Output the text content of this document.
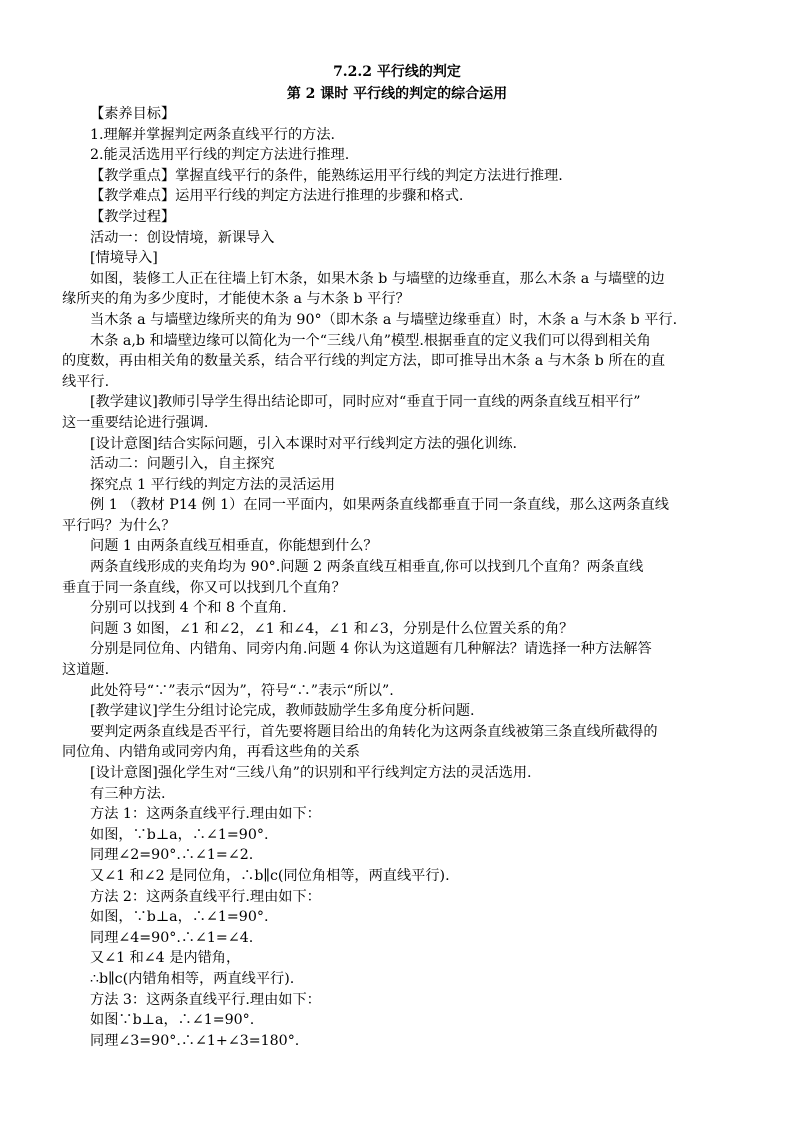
7.2.2 平行线的判定
第 2 课时 平行线的判定的综合运用
【素养目标】
1.理解并掌握判定两条直线平行的方法.
2.能灵活选用平行线的判定方法进行推理.
【教学重点】掌握直线平行的条件，能熟练运用平行线的判定方法进行推理.
【教学难点】运用平行线的判定方法进行推理的步骤和格式.
【教学过程】
活动一：创设情境，新课导入
[情境导入]
如图，装修工人正在往墙上钉木条，如果木条 b 与墙壁的边缘垂直，那么木条 a 与墙壁的边
缘所夹的角为多少度时，才能使木条 a 与木条 b 平行？
当木条 a 与墙壁边缘所夹的角为 90°（即木条 a 与墙壁边缘垂直）时，木条 a 与木条 b 平行.
木条 a,b 和墙壁边缘可以简化为一个“三线八角”模型.根据垂直的定义我们可以得到相关角
的度数，再由相关角的数量关系，结合平行线的判定方法，即可推导出木条 a 与木条 b 所在的直
线平行.
[教学建议]教师引导学生得出结论即可，同时应对“垂直于同一直线的两条直线互相平行”
这一重要结论进行强调.
[设计意图]结合实际问题，引入本课时对平行线判定方法的强化训练.
活动二：问题引入，自主探究
探究点 1 平行线的判定方法的灵活运用
例 1 （教材 P14 例 1）在同一平面内，如果两条直线都垂直于同一条直线，那么这两条直线
平行吗？为什么？
问题 1 由两条直线互相垂直，你能想到什么？
两条直线形成的夹角均为 90°.问题 2 两条直线互相垂直,你可以找到几个直角？两条直线
垂直于同一条直线，你又可以找到几个直角？
分别可以找到 4 个和 8 个直角.
问题 3 如图，∠1 和∠2，∠1 和∠4，∠1 和∠3，分别是什么位置关系的角？
分别是同位角、内错角、同旁内角.问题 4 你认为这道题有几种解法？请选择一种方法解答
这道题.
此处符号“∵”表示“因为”，符号“∴”表示“所以”.
[教学建议]学生分组讨论完成，教师鼓励学生多角度分析问题.
要判定两条直线是否平行，首先要将题目给出的角转化为这两条直线被第三条直线所截得的
同位角、内错角或同旁内角，再看这些角的关系
[设计意图]强化学生对“三线八角”的识别和平行线判定方法的灵活选用.
有三种方法.
方法 1：这两条直线平行.理由如下：
如图，∵b⊥a，∴∠1=90°.
同理∠2=90°.∴∠1=∠2.
又∠1 和∠2 是同位角，∴b∥c(同位角相等，两直线平行).
方法 2：这两条直线平行.理由如下：
如图，∵b⊥a，∴∠1=90°.
同理∠4=90°.∴∠1=∠4.
又∠1 和∠4 是内错角，
∴b∥c(内错角相等，两直线平行).
方法 3：这两条直线平行.理由如下：
如图∵b⊥a，∴∠1=90°.
同理∠3=90°.∴∠1+∠3=180°.
